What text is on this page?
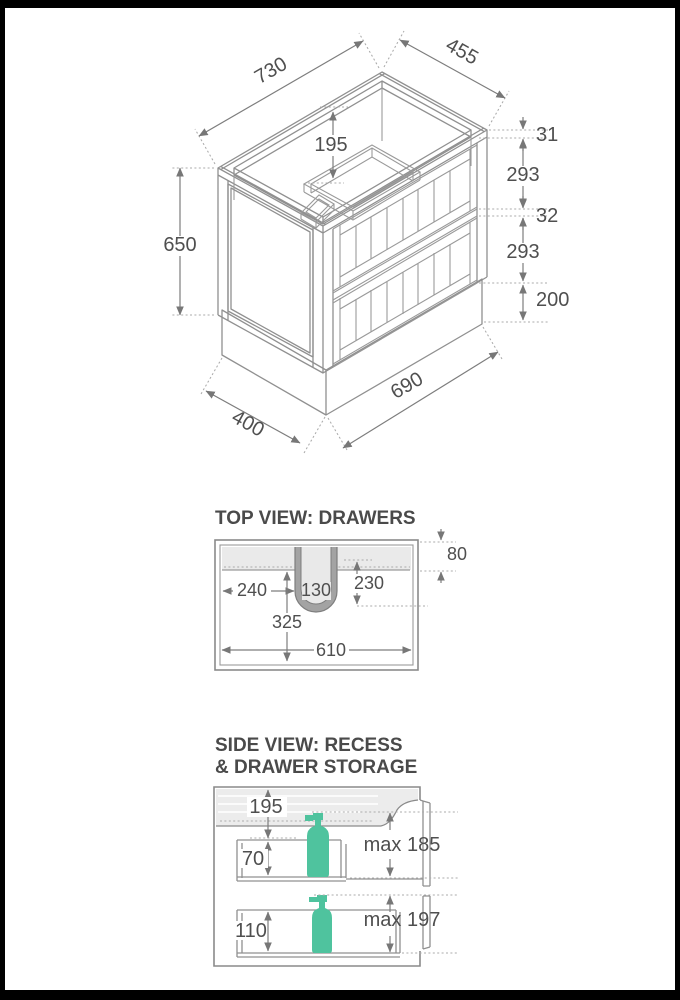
730
455
195
650
31
293
32
293
200
400
690
TOP VIEW: DRAWERS
80
240 130 230
325
610
SIDE VIEW: RECESS
& DRAWER STORAGE
195
70
110
max 185
max 197
